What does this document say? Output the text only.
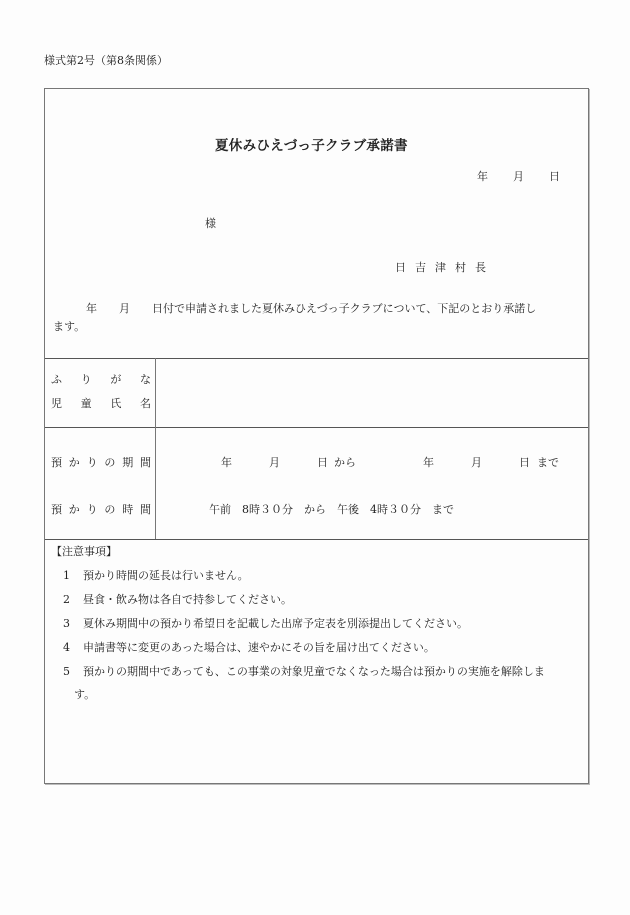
様式第2号（第8条関係）
夏休みひえづっ子クラブ承諾書
年 月 日
様
日吉津村長
　　　年　　月　　日付で申請されました夏休みひえづっ子クラブについて、下記のとおり承諾し
ます。
ふ り が な
児 童 氏 名
預 か り の 期 間	年	月	日 から	年	月	日 まで
預 か り の 時 間	午前　8時３０分　から　午後　4時３０分　まで
【注意事項】
1 預かり時間の延長は行いません。
2 昼食・飲み物は各自で持参してください。
3 夏休み期間中の預かり希望日を記載した出席予定表を別添提出してください。
4 申請書等に変更のあった場合は、速やかにその旨を届け出てください。
5 預かりの期間中であっても、この事業の対象児童でなくなった場合は預かりの実施を解除しま
す。
